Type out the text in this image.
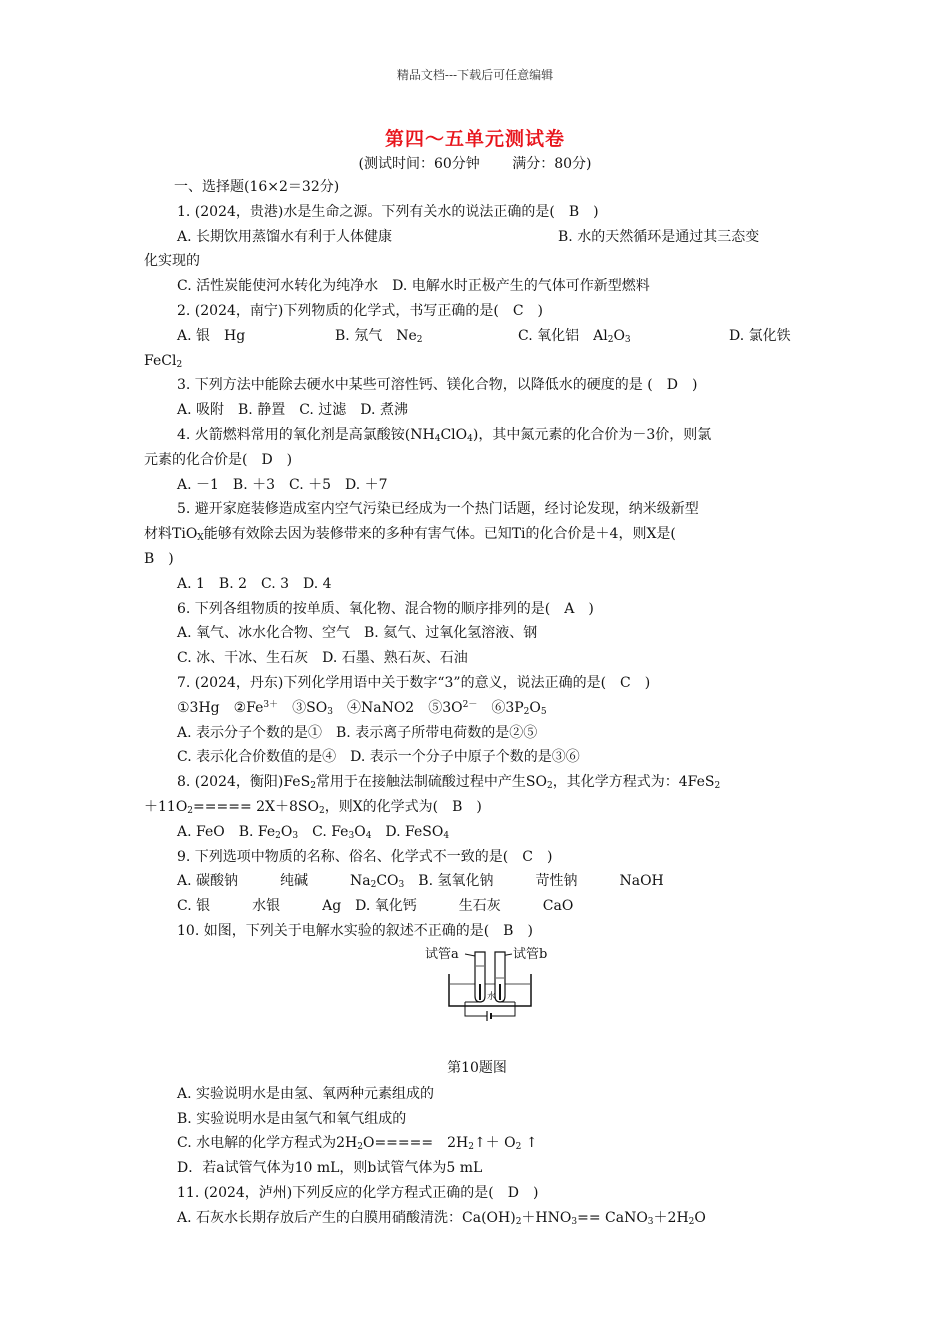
精品文档---下载后可任意编辑
第四～五单元测试卷
(测试时间：60分钟 满分：80分)
一、选择题(16×2＝32分)
1. (2024，贵港)水是生命之源。下列有关水的说法正确的是(　B　)
A. 长期饮用蒸馏水有利于人体健康	B. 水的天然循环是通过其三态变
化实现的
C. 活性炭能使河水转化为纯净水　D. 电解水时正极产生的气体可作新型燃料
2. (2024，南宁)下列物质的化学式，书写正确的是(　C　)
A. 银　Hg	B. 氖气　$Ne_2$	C. 氧化铝　$Al_2O_3$	D. 氯化铁
FeCl$_2$
3. 下列方法中能除去硬水中某些可溶性钙、镁化合物，以降低水的硬度的是 (　D　)
A. 吸附　B. 静置　C. 过滤　D. 煮沸
4. 火箭燃料常用的氧化剂是高氯酸铵$(NH_4ClO_4)$，其中氮元素的化合价为－3价，则氯
元素的化合价是(　D　)
A. －1　B. ＋3　C. ＋5　D. ＋7
5. 避开家庭装修造成室内空气污染已经成为一个热门话题，经讨论发现，纳米级新型
材料TiO$_X$能够有效除去因为装修带来的多种有害气体。已知Ti的化合价是＋4，则X是(
B　)
A. 1　B. 2　C. 3　D. 4
6. 下列各组物质的按单质、氧化物、混合物的顺序排列的是(　A　)
A. 氧气、冰水化合物、空气　B. 氦气、过氧化氢溶液、钢
C. 冰、干冰、生石灰　D. 石墨、熟石灰、石油
7. (2024，丹东)下列化学用语中关于数字“3”的意义，说法正确的是(　C　)
①3Hg　$②Fe^{3+}$　$③SO_3$　④NaNO2　$⑤3O^{2-}$　$⑥3P_2O_5$
A. 表示分子个数的是①　B. 表示离子所带电荷数的是②⑤
C. 表示化合价数值的是④　D. 表示一个分子中原子个数的是③⑥
8. (2024，衡阳)FeS$_2$常用于在接触法制硫酸过程中产生$SO_2$，其化学方程式为：4FeS$_2$
$+11O_2===== 2X+8SO_2$，则X的化学式为(　B　)
A. FeO　B. $Fe_2O_3$　C. $Fe_3O_4$　D. FeSO$_4$
9. 下列选项中物质的名称、俗名、化学式不一致的是(　C　)
A. 碳酸钠　　　纯碱　　　$Na_2CO_3$　B. 氢氧化钠　　　苛性钠　　　NaOH
C. 银　　　水银　　　Ag　D. 氧化钙　　　生石灰　　　CaO
10. 如图，下列关于电解水实验的叙述不正确的是(　B　)
试管a	试管b
水
第10题图
A. 实验说明水是由氢、氧两种元素组成的
B. 实验说明水是由氢气和氧气组成的
C. 水电解的化学方程式为$2H_2O=====$　$2H_2↑+ O_2$ ↑
D．若a试管气体为10 mL，则b试管气体为5 mL
11. (2024，泸州)下列反应的化学方程式正确的是(　D　)
A. 石灰水长期存放后产生的白膜用硝酸清洗：$Ca(OH)_2+HNO_3==$ $CaNO_3+2H_2O$
